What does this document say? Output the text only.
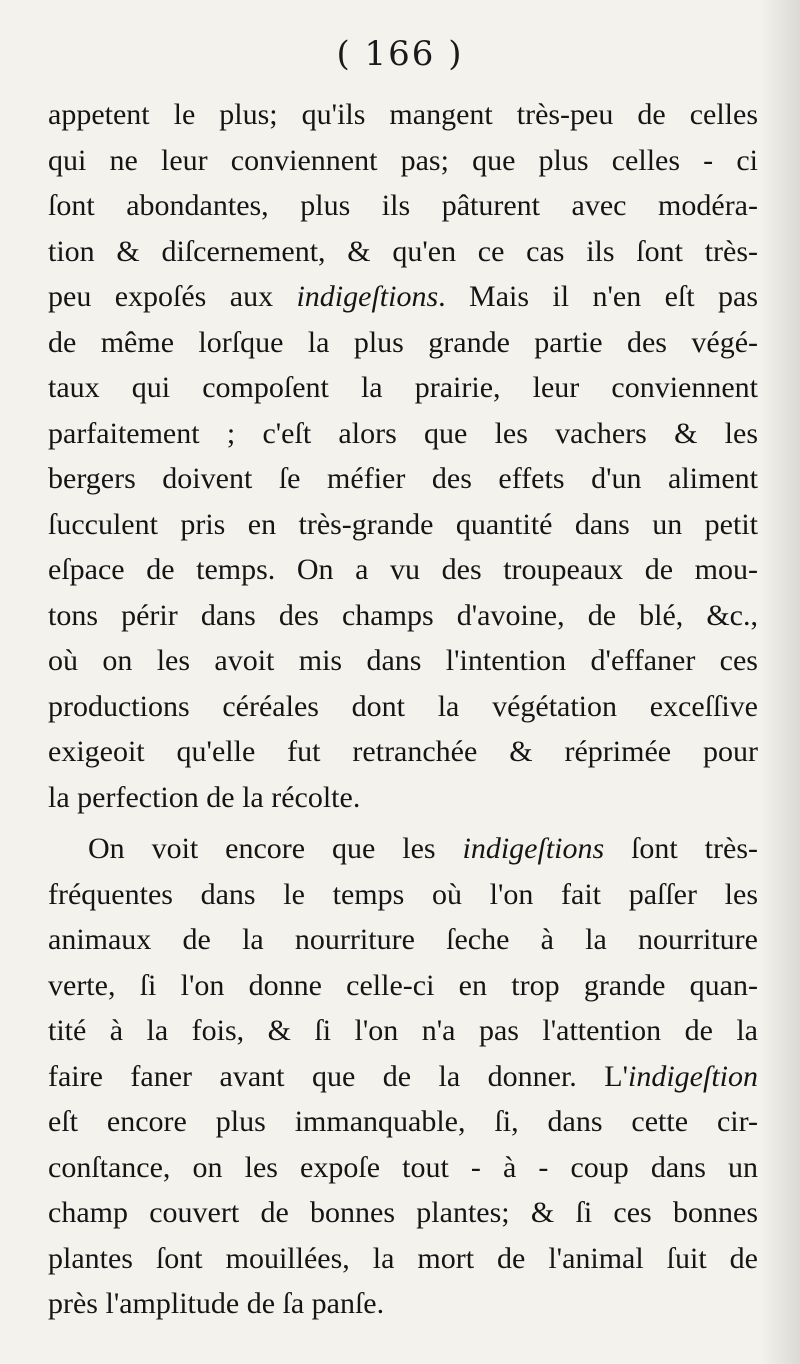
( 166 )
appetent le plus; qu'ils mangent très-peu de celles
qui ne leur conviennent pas; que plus celles - ci
ſont abondantes, plus ils pâturent avec modéra-
tion & diſcernement, & qu'en ce cas ils ſont très-
peu expoſés aux indigeſtions. Mais il n'en eſt pas
de même lorſque la plus grande partie des végé-
taux qui compoſent la prairie, leur conviennent
parfaitement ; c'eſt alors que les vachers & les
bergers doivent ſe méfier des effets d'un aliment
ſucculent pris en très-grande quantité dans un petit
eſpace de temps. On a vu des troupeaux de mou-
tons périr dans des champs d'avoine, de blé, &c.,
où on les avoit mis dans l'intention d'effaner ces
productions céréales dont la végétation exceſſive
exigeoit qu'elle fut retranchée & réprimée pour
la perfection de la récolte.
On voit encore que les indigeſtions ſont très-
fréquentes dans le temps où l'on fait paſſer les
animaux de la nourriture ſeche à la nourriture
verte, ſi l'on donne celle-ci en trop grande quan-
tité à la fois, & ſi l'on n'a pas l'attention de la
faire faner avant que de la donner. L'indigeſtion
eſt encore plus immanquable, ſi, dans cette cir-
conſtance, on les expoſe tout - à - coup dans un
champ couvert de bonnes plantes; & ſi ces bonnes
plantes ſont mouillées, la mort de l'animal ſuit de
près l'amplitude de ſa panſe.
